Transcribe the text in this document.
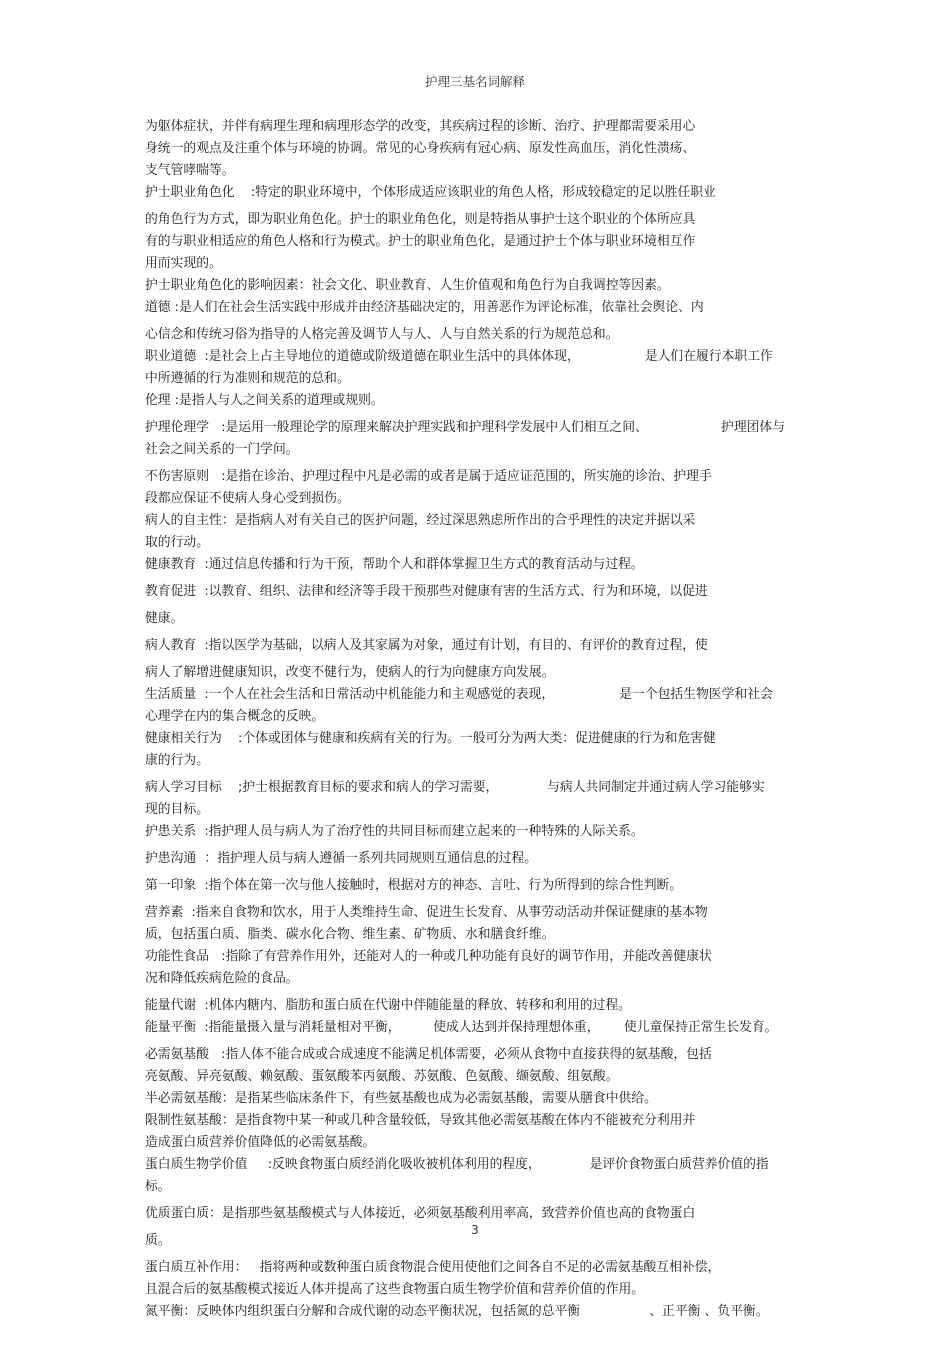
护理三基名词解释
为躯体症状，并伴有病理生理和病理形态学的改变，其疾病过程的诊断、治疗、护理都需要采用心
身统一的观点及注重个体与环境的协调。常见的心身疾病有冠心病、原发性高血压，消化性溃疡、
支气管哮喘等。
护士职业角色化    :特定的职业环境中，个体形成适应该职业的角色人格，形成较稳定的足以胜任职业
的角色行为方式，即为职业角色化。护士的职业角色化，则是特指从事护士这个职业的个体所应具
有的与职业相适应的角色人格和行为模式。护士的职业角色化，是通过护士个体与职业环境相互作
用而实现的。
护士职业角色化的影响因素：社会文化、职业教育、人生价值观和角色行为自我调控等因素。
道德 :是人们在社会生活实践中形成并由经济基础决定的，用善恶作为评论标准，依靠社会舆论、内
心信念和传统习俗为指导的人格完善及调节人与人、人与自然关系的行为规范总和。
职业道德  :是社会上占主导地位的道德或阶级道德在职业生活中的具体体现，                是人们在履行本职工作
中所遵循的行为准则和规范的总和。
伦理 :是指人与人之间关系的道理或规则。
护理伦理学   :是运用一般理论学的原理来解决护理实践和护理科学发展中人们相互之间、                  护理团体与
社会之间关系的一门学问。
不伤害原则   :是指在诊治、护理过程中凡是必需的或者是属于适应证范围的，所实施的诊治、护理手
段都应保证不使病人身心受到损伤。
病人的自主性：是指病人对有关自己的医护问题，经过深思熟虑所作出的合乎理性的决定并据以采
取的行动。
健康教育  :通过信息传播和行为干预，帮助个人和群体掌握卫生方式的教育活动与过程。
教育促进  :以教育、组织、法律和经济等手段干预那些对健康有害的生活方式、行为和环境，以促进
健康。
病人教育  :指以医学为基础，以病人及其家属为对象，通过有计划，有目的、有评价的教育过程，使
病人了解增进健康知识，改变不健行为，使病人的行为向健康方向发展。
生活质量  :一个人在社会生活和日常活动中机能能力和主观感觉的表现，                是一个包括生物医学和社会
心理学在内的集合概念的反映。
健康相关行为    :个体或团体与健康和疾病有关的行为。一般可分为两大类：促进健康的行为和危害健
康的行为。
病人学习目标    ;护士根据教育目标的要求和病人的学习需要，            与病人共同制定并通过病人学习能够实
现的目标。
护患关系  :指护理人员与病人为了治疗性的共同目标而建立起来的一种特殊的人际关系。
护患沟通  ：指护理人员与病人遵循一系列共同规则互通信息的过程。
第一印象  :指个体在第一次与他人接触时，根据对方的神态、言吐、行为所得到的综合性判断。
营养素  :指来自食物和饮水，用于人类维持生命、促进生长发育、从事劳动活动并保证健康的基本物
质，包括蛋白质、脂类、碳水化合物、维生素、矿物质、水和膳食纤维。
功能性食品   :指除了有营养作用外，还能对人的一种或几种功能有良好的调节作用，并能改善健康状
况和降低疾病危险的食品。
能量代谢  :机体内糖内、脂肪和蛋白质在代谢中伴随能量的释放、转移和利用的过程。
能量平衡  :指能量摄入量与消耗量相对平衡，        使成人达到并保持理想体重，      使儿童保持正常生长发育。
必需氨基酸   :指人体不能合成或合成速度不能满足机体需要，必须从食物中直接获得的氨基酸，包括
亮氨酸、异亮氨酸、赖氨酸、蛋氨酸苯丙氨酸、苏氨酸、色氨酸、缬氨酸、组氨酸。
半必需氨基酸：是指某些临床条件下，有些氨基酸也成为必需氨基酸，需要从膳食中供给。
限制性氨基酸：是指食物中某一种或几种含量较低，导致其他必需氨基酸在体内不能被充分利用并
造成蛋白质营养价值降低的必需氨基酸。
蛋白质生物学价值     :反映食物蛋白质经消化吸收被机体利用的程度，            是评价食物蛋白质营养价值的指
标。
优质蛋白质：是指那些氨基酸模式与人体接近，必须氨基酸利用率高，致营养价值也高的食物蛋白
质。
蛋白质互补作用：   指将两种或数种蛋白质食物混合使用使他们之间各自不足的必需氨基酸互相补偿，
且混合后的氨基酸模式接近人体并提高了这些食物蛋白质生物学价值和营养价值的作用。
氮平衡：反映体内组织蛋白分解和合成代谢的动态平衡状况，包括氮的总平衡                 、正平衡 、负平衡。
3
